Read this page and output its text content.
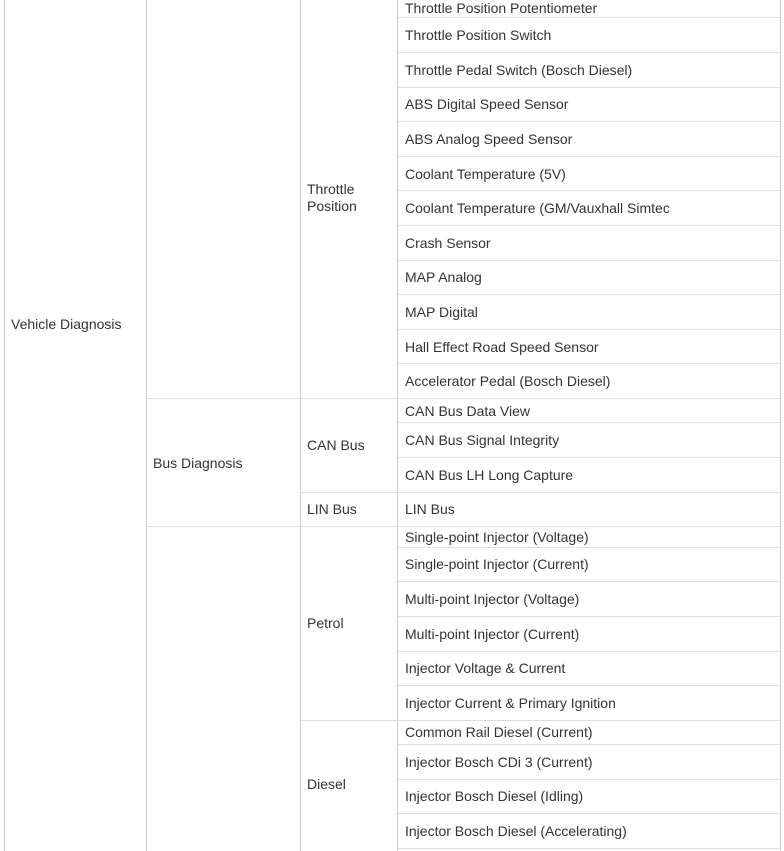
Vehicle Diagnosis
Throttle
Position
Throttle Position Potentiometer
Throttle Position Switch
Throttle Pedal Switch (Bosch Diesel)
ABS Digital Speed Sensor
ABS Analog Speed Sensor
Coolant Temperature (5V)
Coolant Temperature (GM/Vauxhall Simtec
Crash Sensor
MAP Analog
MAP Digital
Hall Effect Road Speed Sensor
Accelerator Pedal (Bosch Diesel)
Bus Diagnosis
CAN Bus
CAN Bus Data View
CAN Bus Signal Integrity
CAN Bus LH Long Capture
LIN Bus	LIN Bus
Petrol
Single-point Injector (Voltage)
Single-point Injector (Current)
Multi-point Injector (Voltage)
Multi-point Injector (Current)
Injector Voltage & Current
Injector Current & Primary Ignition
Diesel
Common Rail Diesel (Current)
Injector Bosch CDi 3 (Current)
Injector Bosch Diesel (Idling)
Injector Bosch Diesel (Accelerating)
